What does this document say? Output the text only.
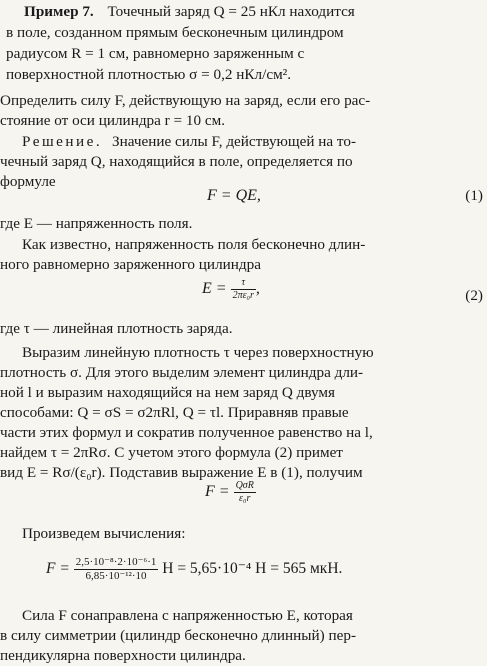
Пример 7. Точечный заряд Q = 25 нКл находится
в поле, созданном прямым бесконечным цилиндром
радиусом R = 1 см, равномерно заряженным с
поверхностной плотностью σ = 0,2 нКл/см².
Определить силу F, действующую на заряд, если его рас-
стояние от оси цилиндра r = 10 см.
Решение. Значение силы F, действующей на то-
чечный заряд Q, находящийся в поле, определяется по
формуле
F = QE,	(1)
где E — напряженность поля.
Как известно, напряженность поля бесконечно длин-
ного равномерно заряженного цилиндра
$E = \frac{\tau}{\text{2πε₀r}}$ ,	(2)
где τ — линейная плотность заряда.
Выразим линейную плотность τ через поверхностную
плотность σ. Для этого выделим элемент цилиндра дли-
ной l и выразим находящийся на нем заряд Q двумя
способами: Q = σS = σ2πRl, Q = τl. Приравняв правые
части этих формул и сократив полученное равенство на l,
найдем τ = 2πRσ. С учетом этого формула (2) примет
вид E = Rσ/(ε₀r). Подставив выражение E в (1), получим
$F = \frac{\text{QσR}}{\text{ε₀r}}$
Произведем вычисления:
$F = \frac{\text{2,5·10⁻⁸·2·10⁻⁶·1}}{\text{6,85·10⁻¹²·10}}$ Н = 5,65·10⁻⁴ Н = 565 мкН.
Сила F сонаправлена с напряженностью E, которая
в силу симметрии (цилиндр бесконечно длинный) пер-
пендикулярна поверхности цилиндра.
